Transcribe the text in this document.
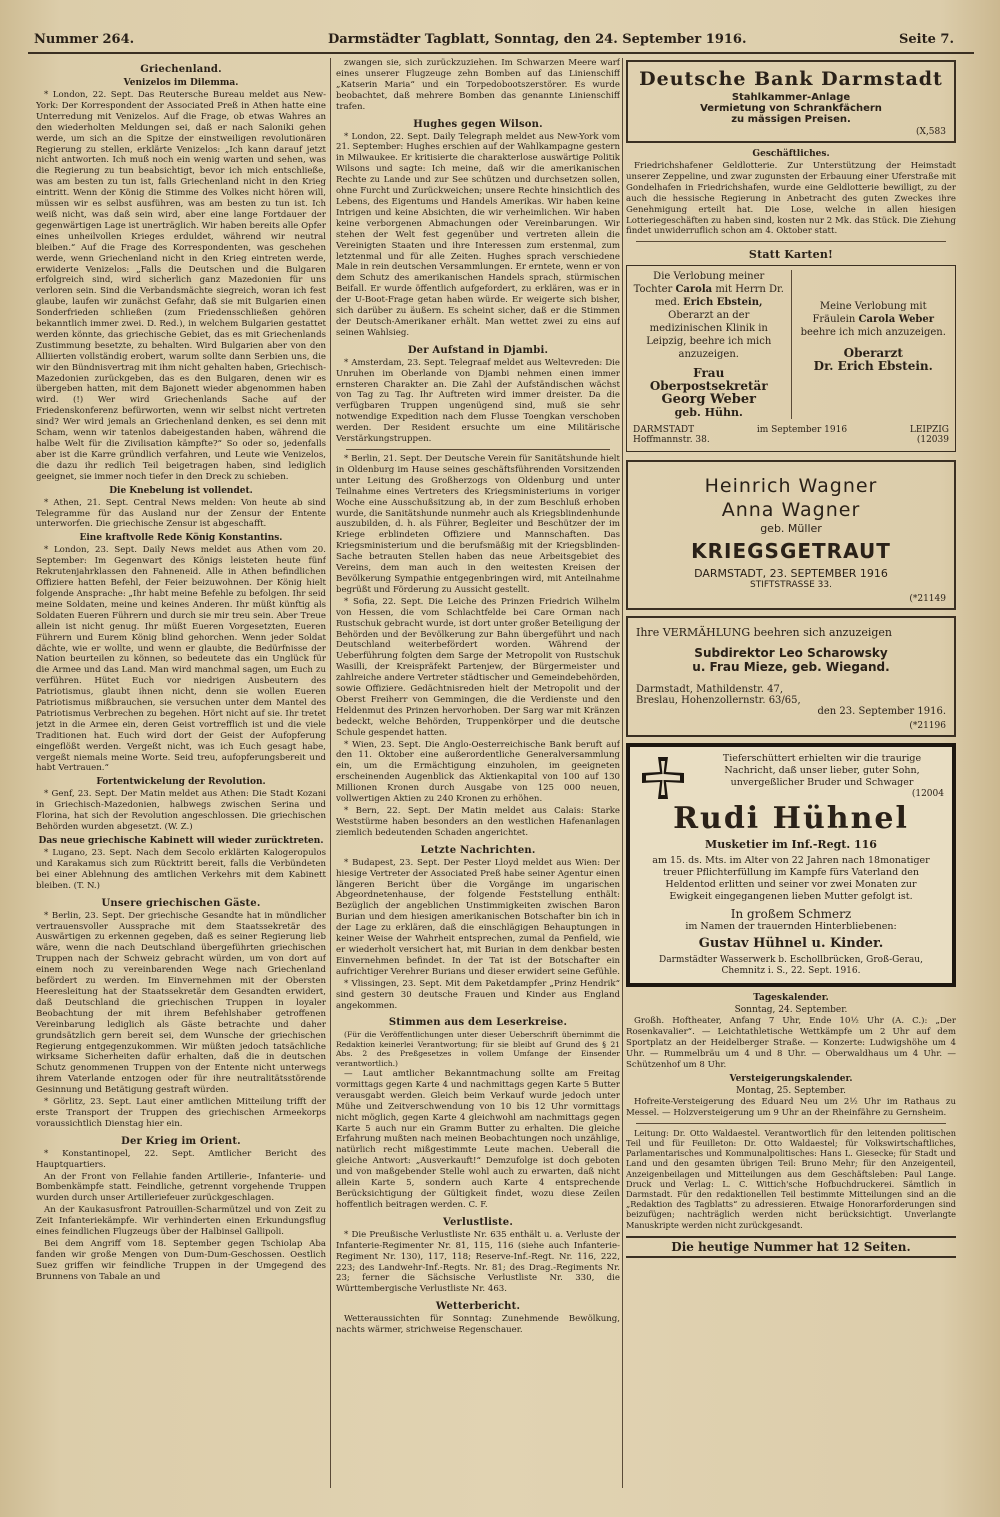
Nummer 264.	Darmstädter Tagblatt, Sonntag, den 24. September 1916.	Seite 7.
Griechenland.
Venizelos im Dilemma.

* London, 22. Sept. Das Reutersche Bureau meldet aus New-York: Der Korrespondent der Associated Preß in Athen hatte eine Unterredung mit Venizelos. Auf die Frage, ob etwas Wahres an den wiederholten Meldungen sei, daß er nach Saloniki gehen werde, um sich an die Spitze der einstweiligen revolutionären Regierung zu stellen, erklärte Venizelos: „Ich kann darauf jetzt nicht antworten. Ich muß noch ein wenig warten und sehen, was die Regierung zu tun beabsichtigt, bevor ich mich entschließe, was am besten zu tun ist, falls Griechenland nicht in den Krieg eintritt. Wenn der König die Stimme des Volkes nicht hören will, müssen wir es selbst ausführen, was am besten zu tun ist. Ich weiß nicht, was daß sein wird, aber eine lange Fortdauer der gegenwärtigen Lage ist unerträglich. Wir haben bereits alle Opfer eines unheilvollen Krieges erduldet, während wir neutral bleiben.“ Auf die Frage des Korrespondenten, was geschehen werde, wenn Griechenland nicht in den Krieg eintreten werde, erwiderte Venizelos: „Falls die Deutschen und die Bulgaren erfolgreich sind, wird sicherlich ganz Mazedonien für uns verloren sein. Sind die Verbandsmächte siegreich, woran ich fest glaube, laufen wir zunächst Gefahr, daß sie mit Bulgarien einen Sonderfrieden schließen (zum Friedensschließen gehören bekanntlich immer zwei. D. Red.), in welchem Bulgarien gestattet werden könnte, das griechische Gebiet, das es mit Griechenlands Zustimmung besetzte, zu behalten. Wird Bulgarien aber von den Alliierten vollständig erobert, warum sollte dann Serbien uns, die wir den Bündnisvertrag mit ihm nicht gehalten haben, Griechisch-Mazedonien zurückgeben, das es den Bulgaren, denen wir es übergeben hatten, mit dem Bajonett wieder abgenommen haben wird. (!) Wer wird Griechenlands Sache auf der Friedenskonferenz befürworten, wenn wir selbst nicht vertreten sind? Wer wird jemals an Griechenland denken, es sei denn mit Scham, wenn wir tatenlos dabeigestanden haben, während die halbe Welt für die Zivilisation kämpfte?“ So oder so, jedenfalls aber ist die Karre gründlich verfahren, und Leute wie Venizelos, die dazu ihr redlich Teil beigetragen haben, sind lediglich geeignet, sie immer noch tiefer in den Dreck zu schieben.

Die Knebelung ist vollendet.

* Athen, 21. Sept. Central News melden: Von heute ab sind Telegramme für das Ausland nur der Zensur der Entente unterworfen. Die griechische Zensur ist abgeschafft.

Eine kraftvolle Rede König Konstantins.

* London, 23. Sept. Daily News meldet aus Athen vom 20. September: Im Gegenwart des Königs leisteten heute fünf Rekrutenjahrklassen den Fahneneid. Alle in Athen befindlichen Offiziere hatten Befehl, der Feier beizuwohnen. Der König hielt folgende Ansprache: „Ihr habt meine Befehle zu befolgen. Ihr seid meine Soldaten, meine und keines Anderen. Ihr müßt künftig als Soldaten Eueren Führern und durch sie mir treu sein. Aber Treue allein ist nicht genug. Ihr müßt Eueren Vorgesetzten, Eueren Führern und Eurem König blind gehorchen. Wenn jeder Soldat dächte, wie er wollte, und wenn er glaubte, die Bedürfnisse der Nation beurteilen zu können, so bedeutete das ein Unglück für die Armee und das Land. Man wird manchmal sagen, um Euch zu verführen. Hütet Euch vor niedrigen Ausbeutern des Patriotismus, glaubt ihnen nicht, denn sie wollen Eueren Patriotismus mißbrauchen, sie versuchen unter dem Mantel des Patriotismus Verbrechen zu begehen. Hört nicht auf sie. Ihr tretet jetzt in die Armee ein, deren Geist vortrefflich ist und die viele Traditionen hat. Euch wird dort der Geist der Aufopferung eingeflößt werden. Vergeßt nicht, was ich Euch gesagt habe, vergeßt niemals meine Worte. Seid treu, aufopferungsbereit und habt Vertrauen.“

Fortentwickelung der Revolution.

* Genf, 23. Sept. Der Matin meldet aus Athen: Die Stadt Kozani in Griechisch-Mazedonien, halbwegs zwischen Serina und Florina, hat sich der Revolution angeschlossen. Die griechischen Behörden wurden abgesetzt. (W. Z.)

Das neue griechische Kabinett will wieder zurücktreten.

* Lugano, 23. Sept. Nach dem Secolo erklärten Kalogeropulos und Karakamus sich zum Rücktritt bereit, falls die Verbündeten bei einer Ablehnung des amtlichen Verkehrs mit dem Kabinett bleiben. (T. N.)

Unsere griechischen Gäste.

* Berlin, 23. Sept. Der griechische Gesandte hat in mündlicher vertrauensvoller Aussprache mit dem Staatssekretär des Auswärtigen zu erkennen gegeben, daß es seiner Regierung lieb wäre, wenn die nach Deutschland übergeführten griechischen Truppen nach der Schweiz gebracht würden, um von dort auf einem noch zu vereinbarenden Wege nach Griechenland befördert zu werden. Im Einvernehmen mit der Obersten Heeresleitung hat der Staatssekretär dem Gesandten erwidert, daß Deutschland die griechischen Truppen in loyaler Beobachtung der mit ihrem Befehlshaber getroffenen Vereinbarung lediglich als Gäste betrachte und daher grundsätzlich gern bereit sei, dem Wunsche der griechischen Regierung entgegenzukommen. Wir müßten jedoch tatsächliche wirksame Sicherheiten dafür erhalten, daß die in deutschen Schutz genommenen Truppen von der Entente nicht unterwegs ihrem Vaterlande entzogen oder für ihre neutralitätsstörende Gesinnung und Betätigung gestraft würden.

* Görlitz, 23. Sept. Laut einer amtlichen Mitteilung trifft der erste Transport der Truppen des griechischen Armeekorps voraussichtlich Dienstag hier ein.

Der Krieg im Orient.

* Konstantinopel, 22. Sept. Amtlicher Bericht des Hauptquartiers.

An der Front von Fellahie fanden Artillerie-, Infanterie- und Bombenkämpfe statt. Feindliche, getrennt vorgehende Truppen wurden durch unser Artilleriefeuer zurückgeschlagen.

An der Kaukasusfront Patrouillen-Scharmützel und von Zeit zu Zeit Infanteriekämpfe. Wir verhinderten einen Erkundungsflug eines feindlichen Flugzeugs über der Halbinsel Gallipoli.

Bei dem Angriff vom 18. September gegen Tschiolap Aba fanden wir große Mengen von Dum-Dum-Geschossen. Oestlich Suez griffen wir feindliche Truppen in der Umgegend des Brunnens von Tabale an und

zwangen sie, sich zurückzuziehen. Im Schwarzen Meere warf eines unserer Flugzeuge zehn Bomben auf das Linienschiff „Katserin Maria“ und ein Torpedobootszerstörer. Es wurde beobachtet, daß mehrere Bomben das genannte Linienschiff trafen.

Hughes gegen Wilson.

* London, 22. Sept. Daily Telegraph meldet aus New-York vom 21. September: Hughes erschien auf der Wahlkampagne gestern in Milwaukee. Er kritisierte die charakterlose auswärtige Politik Wilsons und sagte: Ich meine, daß wir die amerikanischen Rechte zu Lande und zur See schützen und durchsetzen sollen, ohne Furcht und Zurückweichen; unsere Rechte hinsichtlich des Lebens, des Eigentums und Handels Amerikas. Wir haben keine Intrigen und keine Absichten, die wir verheimlichen. Wir haben keine verborgenen Abmachungen oder Vereinbarungen. Wir stehen der Welt fest gegenüber und vertreten allein die Vereinigten Staaten und ihre Interessen zum erstenmal, zum letztenmal und für alle Zeiten. Hughes sprach verschiedene Male in rein deutschen Versammlungen. Er erntete, wenn er von dem Schutz des amerikanischen Handels sprach, stürmischen Beifall. Er wurde öffentlich aufgefordert, zu erklären, was er in der U-Boot-Frage getan haben würde. Er weigerte sich bisher, sich darüber zu äußern. Es scheint sicher, daß er die Stimmen der Deutsch-Amerikaner erhält. Man wettet zwei zu eins auf seinen Wahlsieg.

Der Aufstand in Djambi.

* Amsterdam, 23. Sept. Telegraaf meldet aus Weltevreden: Die Unruhen im Oberlande von Djambi nehmen einen immer ernsteren Charakter an. Die Zahl der Aufständischen wächst von Tag zu Tag. Ihr Auftreten wird immer dreister. Da die verfügbaren Truppen ungenügend sind, muß sie sehr notwendige Expedition nach dem Flusse Toengkan verschoben werden. Der Resident ersuchte um eine Militärische Verstärkungstruppen.

* Berlin, 21. Sept. Der Deutsche Verein für Sanitätshunde hielt in Oldenburg im Hause seines geschäftsführenden Vorsitzenden unter Leitung des Großherzogs von Oldenburg und unter Teilnahme eines Vertreters des Kriegsministeriums in voriger Woche eine Ausschußsitzung ab, in der zum Beschluß erhoben wurde, die Sanitätshunde nunmehr auch als Kriegsblindenhunde auszubilden, d. h. als Führer, Begleiter und Beschützer der im Kriege erblindeten Offiziere und Mannschaften. Das Kriegsministerium und die berufsmäßig mit der Kriegsblinden-Sache betrauten Stellen haben das neue Arbeitsgebiet des Vereins, dem man auch in den weitesten Kreisen der Bevölkerung Sympathie entgegenbringen wird, mit Anteilnahme begrüßt und Förderung zu Aussicht gestellt.

* Sofia, 22. Sept. Die Leiche des Prinzen Friedrich Wilhelm von Hessen, die vom Schlachtfelde bei Care Orman nach Rustschuk gebracht wurde, ist dort unter großer Beteiligung der Behörden und der Bevölkerung zur Bahn übergeführt und nach Deutschland weiterbefördert worden. Während der Ueberführung folgten dem Sarge der Metropolit von Rustschuk Wasilli, der Kreispräfekt Partenjew, der Bürgermeister und zahlreiche andere Vertreter städtischer und Gemeindebehörden, sowie Offiziere. Gedächtnisreden hielt der Metropolit und der Oberst Freiherr von Gemmingen, die die Verdienste und den Heldenmut des Prinzen hervorhoben. Der Sarg war mit Kränzen bedeckt, welche Behörden, Truppenkörper und die deutsche Schule gespendet hatten.

* Wien, 23. Sept. Die Anglo-Oesterreichische Bank beruft auf den 11. Oktober eine außerordentliche Generalversammlung ein, um die Ermächtigung einzuholen, im geeigneten erscheinenden Augenblick das Aktienkapital von 100 auf 130 Millionen Kronen durch Ausgabe von 125 000 neuen, vollwertigen Aktien zu 240 Kronen zu erhöhen.

* Bern, 22. Sept. Der Matin meldet aus Calais: Starke Weststürme haben besonders an den westlichen Hafenanlagen ziemlich bedeutenden Schaden angerichtet.

Letzte Nachrichten.

* Budapest, 23. Sept. Der Pester Lloyd meldet aus Wien: Der hiesige Vertreter der Associated Preß habe seiner Agentur einen längeren Bericht über die Vorgänge im ungarischen Abgeordnetenhause, der folgende Feststellung enthält: Bezüglich der angeblichen Unstimmigkeiten zwischen Baron Burian und dem hiesigen amerikanischen Botschafter bin ich in der Lage zu erklären, daß die einschlägigen Behauptungen in keiner Weise der Wahrheit entsprechen, zumal da Penfield, wie er wiederholt versichert hat, mit Burian in dem denkbar besten Einvernehmen befindet. In der Tat ist der Botschafter ein aufrichtiger Verehrer Burians und dieser erwidert seine Gefühle.

* Vlissingen, 23. Sept. Mit dem Paketdampfer „Prinz Hendrik“ sind gestern 30 deutsche Frauen und Kinder aus England angekommen.

Stimmen aus dem Leserkreise.

(Für die Veröffentlichungen unter dieser Ueberschrift übernimmt die Redaktion keinerlei Verantwortung; für sie bleibt auf Grund des § 21 Abs. 2 des Preßgesetzes in vollem Umfange der Einsender verantwortlich.)

— Laut amtlicher Bekanntmachung sollte am Freitag vormittags gegen Karte 4 und nachmittags gegen Karte 5 Butter verausgabt werden. Gleich beim Verkauf wurde jedoch unter Mühe und Zeitverschwendung von 10 bis 12 Uhr vormittags nicht möglich, gegen Karte 4 gleichwohl am nachmittags gegen Karte 5 auch nur ein Gramm Butter zu erhalten. Die gleiche Erfahrung mußten nach meinen Beobachtungen noch unzählige, natürlich recht mißgestimmte Leute machen. Ueberall die gleiche Antwort: „Ausverkauft!“ Demzufolge ist doch geboten und von maßgebender Stelle wohl auch zu erwarten, daß nicht allein Karte 5, sondern auch Karte 4 entsprechende Berücksichtigung der Gültigkeit findet, wozu diese Zeilen hoffentlich beitragen werden. C. F.

Verlustliste.

* Die Preußische Verlustliste Nr. 635 enthält u. a. Verluste der Infanterie-Regimenter Nr. 81, 115, 116 (siehe auch Infanterie-Regiment Nr. 130), 117, 118; Reserve-Inf.-Regt. Nr. 116, 222, 223; des Landwehr-Inf.-Regts. Nr. 81; des Drag.-Regiments Nr. 23; ferner die Sächsische Verlustliste Nr. 330, die Württembergische Verlustliste Nr. 463.

Wetterbericht.

Wetteraussichten für Sonntag: Zunehmende Bewölkung, nachts wärmer, strichweise Regenschauer.

Deutsche Bank Darmstadt
Stahlkammer-Anlage
Vermietung von Schrankfächern
zu mässigen Preisen.
(X,583
Geschäftliches.

Friedrichshafener Geldlotterie. Zur Unterstützung der Heimstadt unserer Zeppeline, und zwar zugunsten der Erbauung einer Uferstraße mit Gondelhafen in Friedrichshafen, wurde eine Geldlotterie bewilligt, zu der auch die hessische Regierung in Anbetracht des guten Zweckes ihre Genehmigung erteilt hat. Die Lose, welche in allen hiesigen Lotteriegeschäften zu haben sind, kosten nur 2 Mk. das Stück. Die Ziehung findet unwiderruflich schon am 4. Oktober statt.

Statt Karten!
Die Verlobung meiner Tochter Carola mit Herrn Dr. med. Erich Ebstein, Oberarzt an der medizinischen Klinik in Leipzig, beehre ich mich anzuzeigen.
Frau Oberpostsekretär
Georg Weber
geb. Hühn.
Meine Verlobung mit Fräulein Carola Weber beehre ich mich anzuzeigen.
Oberarzt
Dr. Erich Ebstein.
DARMSTADT	im September 1916	LEIPZIG
Hoffmannstr. 38.	(12039
Heinrich Wagner
Anna Wagner
geb. Müller
KRIEGSGETRAUT
DARMSTADT, 23. SEPTEMBER 1916
STIFTSTRASSE 33.
(*21149
Ihre VERMÄHLUNG beehren sich anzuzeigen
Subdirektor Leo Scharowsky
u. Frau Mieze, geb. Wiegand.
Darmstadt, Mathildenstr. 47,
Breslau, Hohenzollernstr. 63/65,
den 23. September 1916.
(*21196
Tieferschüttert erhielten wir die traurige Nachricht, daß unser lieber, guter Sohn, unvergeßlicher Bruder und Schwager
(12004
Rudi Hühnel
Musketier im Inf.-Regt. 116
am 15. ds. Mts. im Alter von 22 Jahren nach 18monatiger treuer Pflichterfüllung im Kampfe fürs Vaterland den Heldentod erlitten und seiner vor zwei Monaten zur Ewigkeit eingegangenen lieben Mutter gefolgt ist.
In großem Schmerz
im Namen der trauernden Hinterbliebenen:
Gustav Hühnel u. Kinder.
Darmstädter Wasserwerk b. Eschollbrücken, Groß-Gerau, Chemnitz i. S., 22. Sept. 1916.
Tageskalender.
Sonntag, 24. September.

Großh. Hoftheater, Anfang 7 Uhr, Ende 10½ Uhr (A. C.): „Der Rosenkavalier“. — Leichtathletische Wettkämpfe um 2 Uhr auf dem Sportplatz an der Heidelberger Straße. — Konzerte: Ludwigshöhe um 4 Uhr. — Rummelbräu um 4 und 8 Uhr. — Oberwaldhaus um 4 Uhr. — Schützenhof um 8 Uhr.

Versteigerungskalender.
Montag, 25. September.

Hofreite-Versteigerung des Eduard Neu um 2½ Uhr im Rathaus zu Messel. — Holzversteigerung um 9 Uhr an der Rheinfähre zu Gernsheim.

Leitung: Dr. Otto Waldaestel. Verantwortlich für den leitenden politischen Teil und für Feuilleton: Dr. Otto Waldaestel; für Volkswirtschaftliches, Parlamentarisches und Kommunalpolitisches: Hans L. Giesecke; für Stadt und Land und den gesamten übrigen Teil: Bruno Mehr; für den Anzeigenteil, Anzeigenbeilagen und Mitteilungen aus dem Geschäftsleben: Paul Lange. Druck und Verlag: L. C. Wittich'sche Hofbuchdruckerei. Sämtlich in Darmstadt. Für den redaktionellen Teil bestimmte Mitteilungen sind an die „Redaktion des Tagblatts“ zu adressieren. Etwaige Honorarforderungen sind beizufügen; nachträglich werden nicht berücksichtigt. Unverlangte Manuskripte werden nicht zurückgesandt.

Die heutige Nummer hat 12 Seiten.
